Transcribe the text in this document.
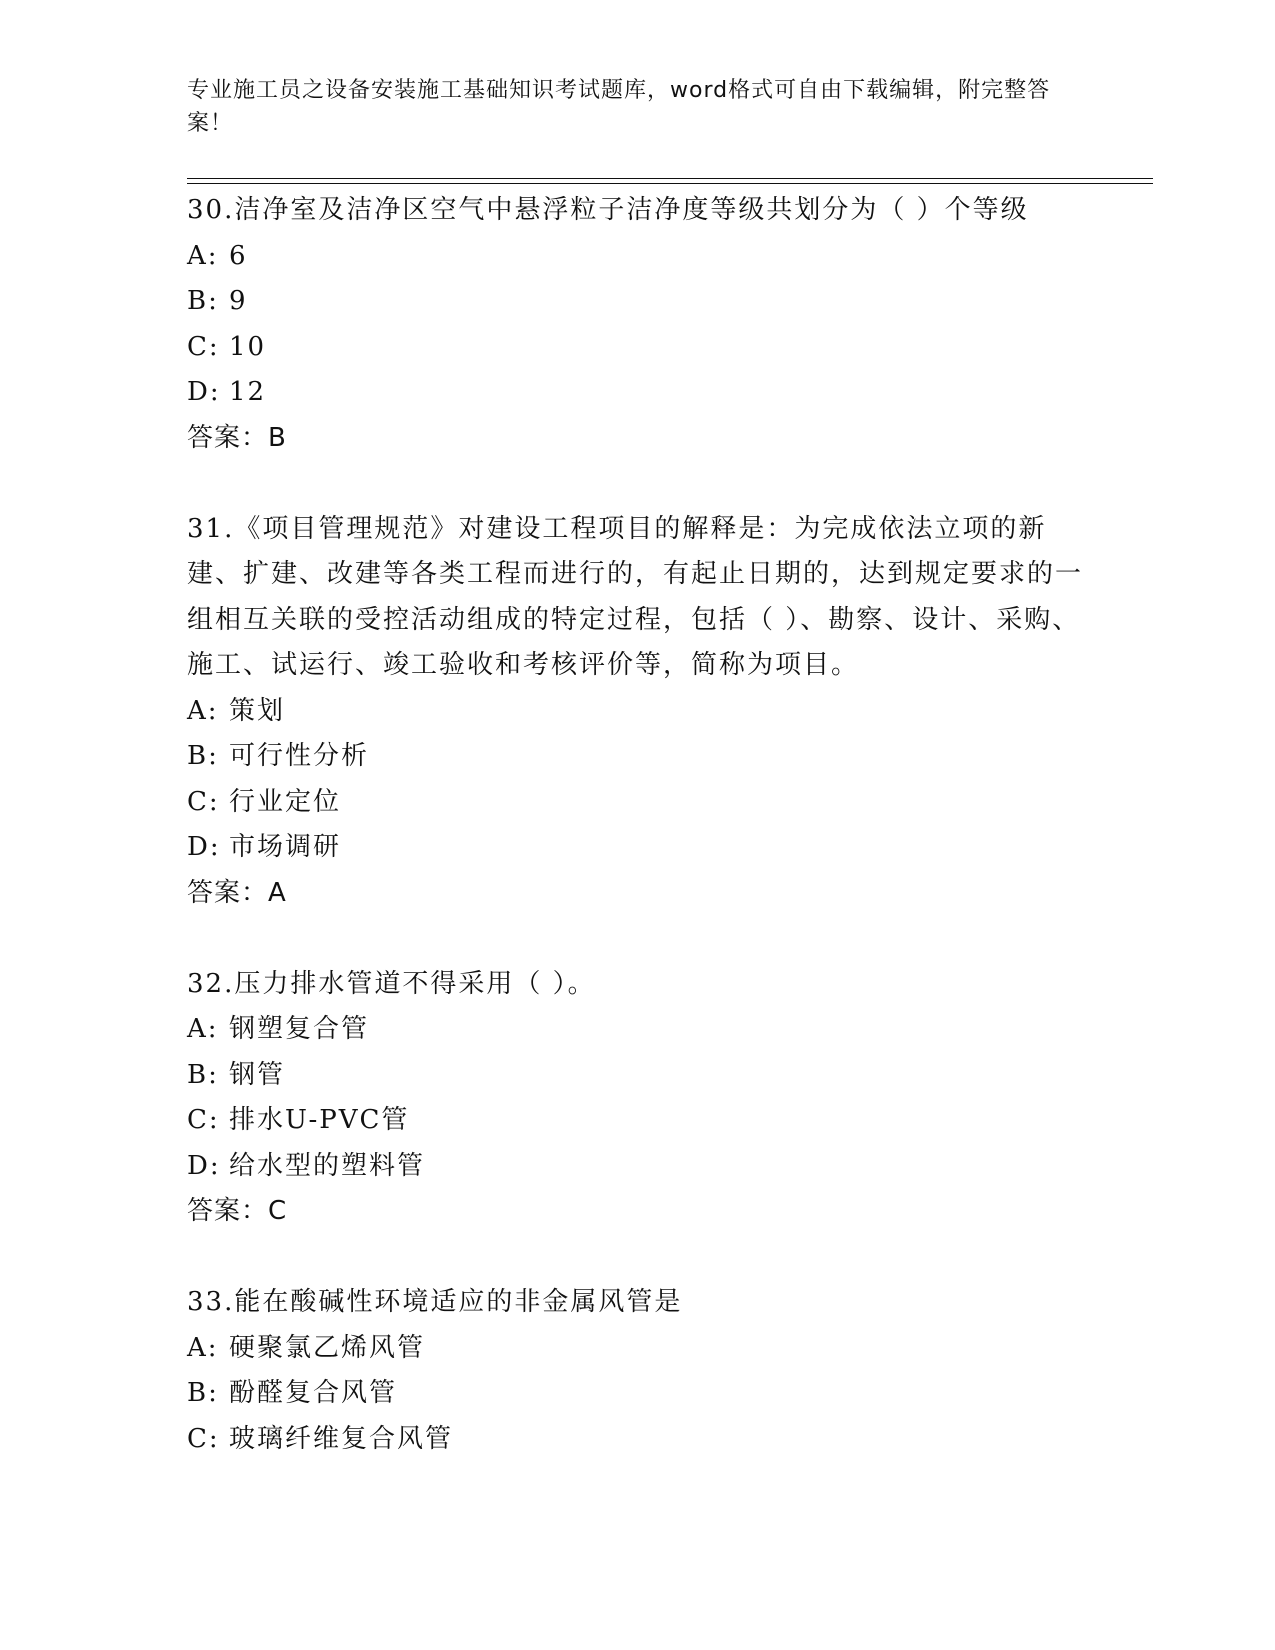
专业施工员之设备安装施工基础知识考试题库，word格式可自由下载编辑，附完整答案！

30.洁净室及洁净区空气中悬浮粒子洁净度等级共划分为（ ）个等级

A: 6
B: 9
C: 10
D: 12

答案：B

31.《项目管理规范》对建设工程项目的解释是：为完成依法立项的新建、扩建、改建等各类工程而进行的，有起止日期的，达到规定要求的一组相互关联的受控活动组成的特定过程，包括（ ）、勘察、设计、采购、施工、试运行、竣工验收和考核评价等，简称为项目。

A: 策划
B: 可行性分析
C: 行业定位
D: 市场调研

答案：A

32.压力排水管道不得采用（ ）。

A: 钢塑复合管
B: 钢管
C: 排水U-PVC管
D: 给水型的塑料管

答案：C

33.能在酸碱性环境适应的非金属风管是

A: 硬聚氯乙烯风管
B: 酚醛复合风管
C: 玻璃纤维复合风管
